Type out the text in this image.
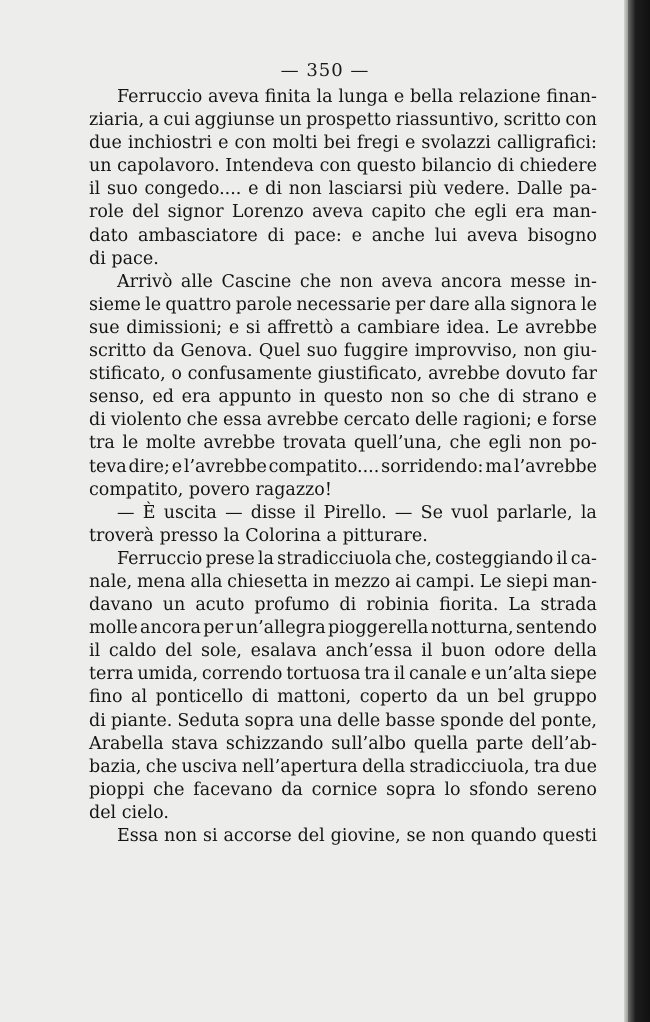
— 350 —
Ferruccio aveva finita la lunga e bella relazione finan-
ziaria, a cui aggiunse un prospetto riassuntivo, scritto con
due inchiostri e con molti bei fregi e svolazzi calligrafici:
un capolavoro. Intendeva con questo bilancio di chiedere
il suo congedo.... e di non lasciarsi più vedere. Dalle pa-
role del signor Lorenzo aveva capito che egli era man-
dato ambasciatore di pace: e anche lui aveva bisogno
di pace.
Arrivò alle Cascine che non aveva ancora messe in-
sieme le quattro parole necessarie per dare alla signora le
sue dimissioni; e si affrettò a cambiare idea. Le avrebbe
scritto da Genova. Quel suo fuggire improvviso, non giu-
stificato, o confusamente giustificato, avrebbe dovuto far
senso, ed era appunto in questo non so che di strano e
di violento che essa avrebbe cercato delle ragioni; e forse
tra le molte avrebbe trovata quell’una, che egli non po-
teva dire; e l’avrebbe compatito.... sorridendo: ma l’avrebbe
compatito, povero ragazzo!
— È uscita — disse il Pirello. — Se vuol parlarle, la
troverà presso la Colorina a pitturare.
Ferruccio prese la stradicciuola che, costeggiando il ca-
nale, mena alla chiesetta in mezzo ai campi. Le siepi man-
davano un acuto profumo di robinia fiorita. La strada
molle ancora per un’allegra pioggerella notturna, sentendo
il caldo del sole, esalava anch’essa il buon odore della
terra umida, correndo tortuosa tra il canale e un’alta siepe
fino al ponticello di mattoni, coperto da un bel gruppo
di piante. Seduta sopra una delle basse sponde del ponte,
Arabella stava schizzando sull’albo quella parte dell’ab-
bazia, che usciva nell’apertura della stradicciuola, tra due
pioppi che facevano da cornice sopra lo sfondo sereno
del cielo.
Essa non si accorse del giovine, se non quando questi
